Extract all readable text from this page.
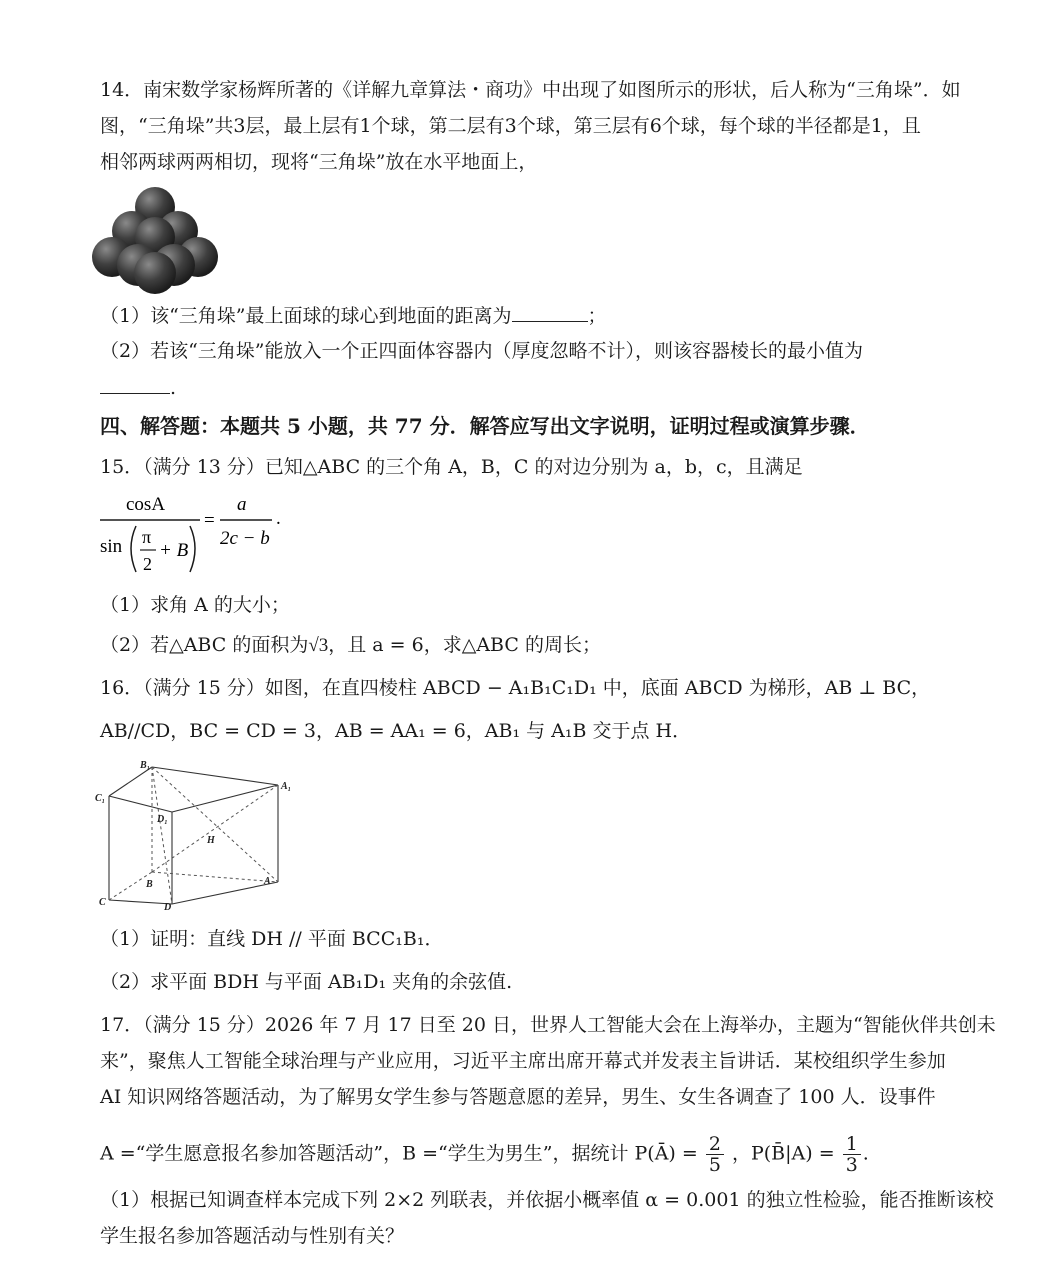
14．南宋数学家杨辉所著的《详解九章算法・商功》中出现了如图所示的形状，后人称为“三角垛”．如
图，“三角垛”共3层，最上层有1个球，第二层有3个球，第三层有6个球，每个球的半径都是1，且
相邻两球两两相切，现将“三角垛”放在水平地面上，
（1）该“三角垛”最上面球的球心到地面的距离为	；
（2）若该“三角垛”能放入一个正四面体容器内（厚度忽略不计），则该容器棱长的最小值为
.
四、解答题：本题共 5 小题，共 77 分．解答应写出文字说明，证明过程或演算步骤．
15．（满分 13 分）已知△ABC 的三个角 A，B，C 的对边分别为 a，b，c，且满足
cosA
sin π
2
+ B
=
a
2c − b
.
（1）求角 A 的大小；
（2）若△ABC 的面积为√3，且 a = 6，求△ABC 的周长；
16．（满分 15 分）如图，在直四棱柱 ABCD − A₁B₁C₁D₁ 中，底面 ABCD 为梯形，AB ⊥ BC，
AB//CD，BC = CD = 3，AB = AA₁ = 6，AB₁ 与 A₁B 交于点 H．
B₁
A₁
C₁
D₁
H
B	A
C	D
（1）证明：直线 DH // 平面 BCC₁B₁．
（2）求平面 BDH 与平面 AB₁D₁ 夹角的余弦值.
17．（满分 15 分）2026 年 7 月 17 日至 20 日，世界人工智能大会在上海举办，主题为“智能伙伴共创未
来”，聚焦人工智能全球治理与产业应用，习近平主席出席开幕式并发表主旨讲话．某校组织学生参加
AI 知识网络答题活动，为了解男女学生参与答题意愿的差异，男生、女生各调查了 100 人．设事件
A =“学生愿意报名参加答题活动”，B =“学生为男生”，据统计 P(Ā) = $\frac{2}{5}$ ，P(B̄|A) = $\frac{1}{3}$ .
（1）根据已知调查样本完成下列 2×2 列联表，并依据小概率值 α = 0.001 的独立性检验，能否推断该校
学生报名参加答题活动与性别有关？
